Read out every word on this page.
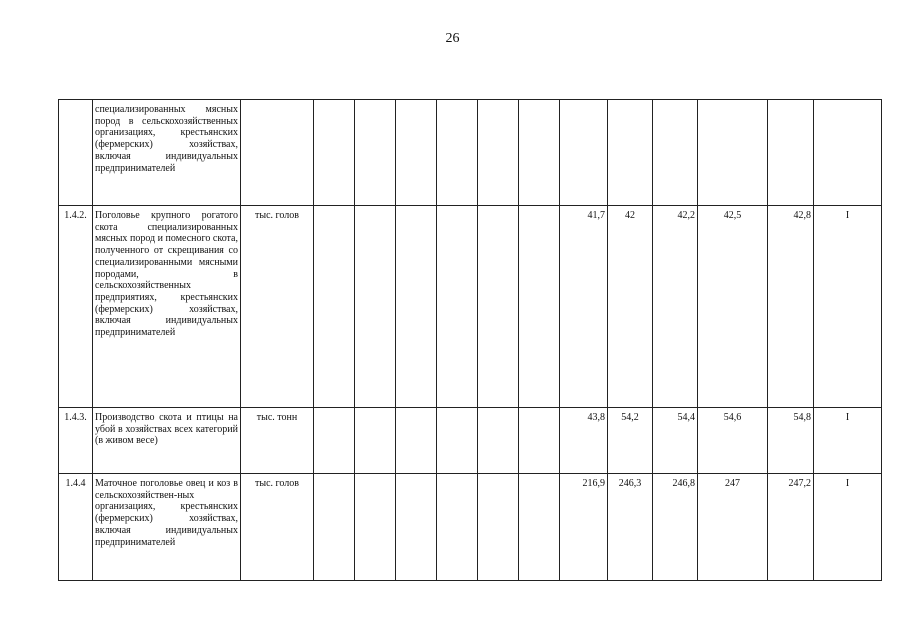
26
	специализированных мясных пород в сельскохозяйственных организациях, крестьянских (фермерских) хозяйствах, включая индивидуальных предпринимателей													
1.4.2.	Поголовье крупного рогатого скота специализированных мясных пород и помесного скота, полученного от скрещивания со специализированными мясными породами, в сельскохозяйственных предприятиях, крестьянских (фермерских) хозяйствах, включая индивидуальных предпринимателей	тыс. голов							41,7	42	42,2	42,5	42,8	I
1.4.3.	Производство скота и птицы на убой в хозяйствах всех категорий (в живом весе)	тыс. тонн							43,8	54,2	54,4	54,6	54,8	I
1.4.4	Маточное поголовье овец и коз в сельскохозяйствен-ных организациях, крестьянских (фермерских) хозяйствах, включая индивидуальных предпринимателей	тыс. голов							216,9	246,3	246,8	247	247,2	I
